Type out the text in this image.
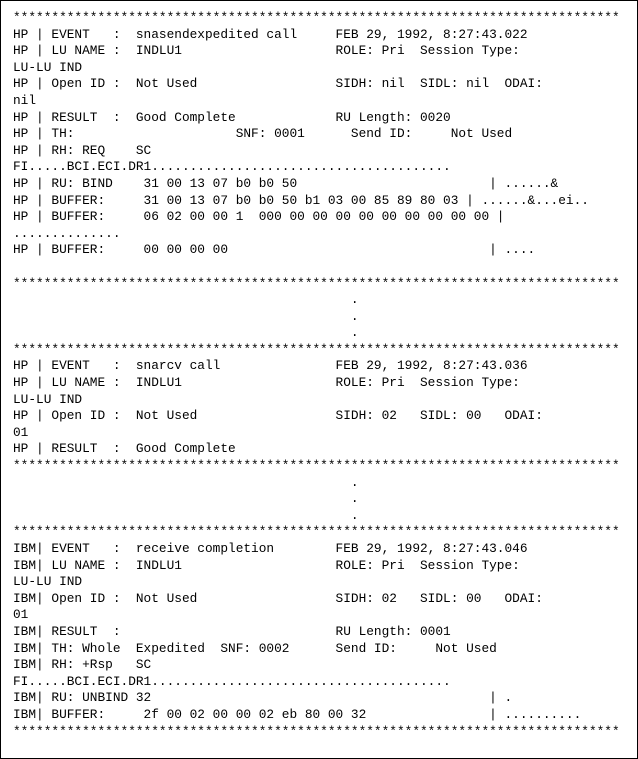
*******************************************************************************
HP | EVENT   :  snasendexpedited call     FEB 29, 1992, 8:27:43.022
HP | LU NAME :  INDLU1                    ROLE: Pri  Session Type:
LU-LU IND
HP | Open ID :  Not Used                  SIDH: nil  SIDL: nil  ODAI:
nil
HP | RESULT  :  Good Complete             RU Length: 0020
HP | TH:                     SNF: 0001      Send ID:     Not Used
HP | RH: REQ    SC
FI.....BCI.ECI.DR1.......................................
HP | RU: BIND    31 00 13 07 b0 b0 50                         | ......&
HP | BUFFER:     31 00 13 07 b0 b0 50 b1 03 00 85 89 80 03 | ......&...ei..
HP | BUFFER:     06 02 00 00 1  000 00 00 00 00 00 00 00 00 00 |
..............
HP | BUFFER:     00 00 00 00                                  | ....
*******************************************************************************
.
.
.
*******************************************************************************
HP | EVENT   :  snarcv call               FEB 29, 1992, 8:27:43.036
HP | LU NAME :  INDLU1                    ROLE: Pri  Session Type:
LU-LU IND
HP | Open ID :  Not Used                  SIDH: 02   SIDL: 00   ODAI:
01
HP | RESULT  :  Good Complete
*******************************************************************************
.
.
.
*******************************************************************************
IBM| EVENT   :  receive completion        FEB 29, 1992, 8:27:43.046
IBM| LU NAME :  INDLU1                    ROLE: Pri  Session Type:
LU-LU IND
IBM| Open ID :  Not Used                  SIDH: 02   SIDL: 00   ODAI:
01
IBM| RESULT  :                            RU Length: 0001
IBM| TH: Whole  Expedited  SNF: 0002      Send ID:     Not Used
IBM| RH: +Rsp   SC
FI.....BCI.ECI.DR1.......................................
IBM| RU: UNBIND 32                                            | .
IBM| BUFFER:     2f 00 02 00 00 02 eb 80 00 32                | ..........
*******************************************************************************
